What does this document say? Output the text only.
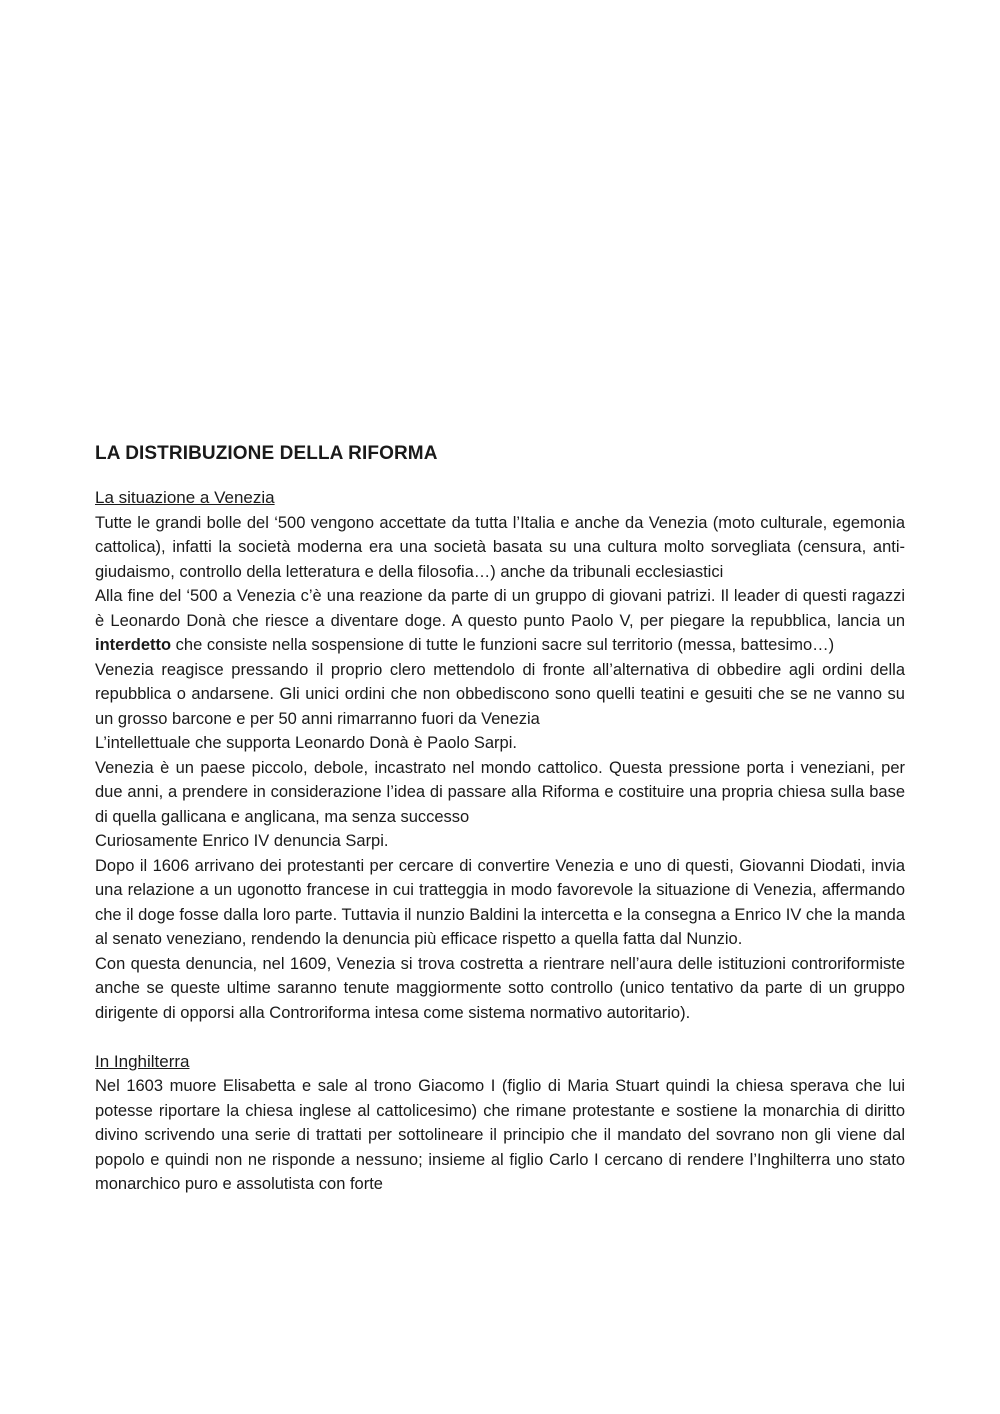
LA DISTRIBUZIONE DELLA RIFORMA

La situazione a Venezia

Tutte le grandi bolle del ‘500 vengono accettate da tutta l’Italia e anche da Venezia (moto culturale, egemonia cattolica), infatti la società moderna era una società basata su una cultura molto sorvegliata (censura, anti-giudaismo, controllo della letteratura e della filosofia…) anche da tribunali ecclesiastici

Alla fine del ‘500 a Venezia c’è una reazione da parte di un gruppo di giovani patrizi. Il leader di questi ragazzi è Leonardo Donà che riesce a diventare doge. A questo punto Paolo V, per piegare la repubblica, lancia un interdetto che consiste nella sospensione di tutte le funzioni sacre sul territorio (messa, battesimo…)

Venezia reagisce pressando il proprio clero mettendolo di fronte all’alternativa di obbedire agli ordini della repubblica o andarsene. Gli unici ordini che non obbediscono sono quelli teatini e gesuiti che se ne vanno su un grosso barcone e per 50 anni rimarranno fuori da Venezia

L’intellettuale che supporta Leonardo Donà è Paolo Sarpi.

Venezia è un paese piccolo, debole, incastrato nel mondo cattolico. Questa pressione porta i veneziani, per due anni, a prendere in considerazione l’idea di passare alla Riforma e costituire una propria chiesa sulla base di quella gallicana e anglicana, ma senza successo

Curiosamente Enrico IV denuncia Sarpi.

Dopo il 1606 arrivano dei protestanti per cercare di convertire Venezia e uno di questi, Giovanni Diodati, invia una relazione a un ugonotto francese in cui tratteggia in modo favorevole la situazione di Venezia, affermando che il doge fosse dalla loro parte. Tuttavia il nunzio Baldini la intercetta e la consegna a Enrico IV che la manda al senato veneziano, rendendo la denuncia più efficace rispetto a quella fatta dal Nunzio.

Con questa denuncia, nel 1609, Venezia si trova costretta a rientrare nell’aura delle istituzioni controriformiste anche se queste ultime saranno tenute maggiormente sotto controllo (unico tentativo da parte di un gruppo dirigente di opporsi alla Controriforma intesa come sistema normativo autoritario).

In Inghilterra

Nel 1603 muore Elisabetta e sale al trono Giacomo I (figlio di Maria Stuart quindi la chiesa sperava che lui potesse riportare la chiesa inglese al cattolicesimo) che rimane protestante e sostiene la monarchia di diritto divino scrivendo una serie di trattati per sottolineare il principio che il mandato del sovrano non gli viene dal popolo e quindi non ne risponde a nessuno; insieme al figlio Carlo I cercano di rendere l’Inghilterra uno stato monarchico puro e assolutista con forte
